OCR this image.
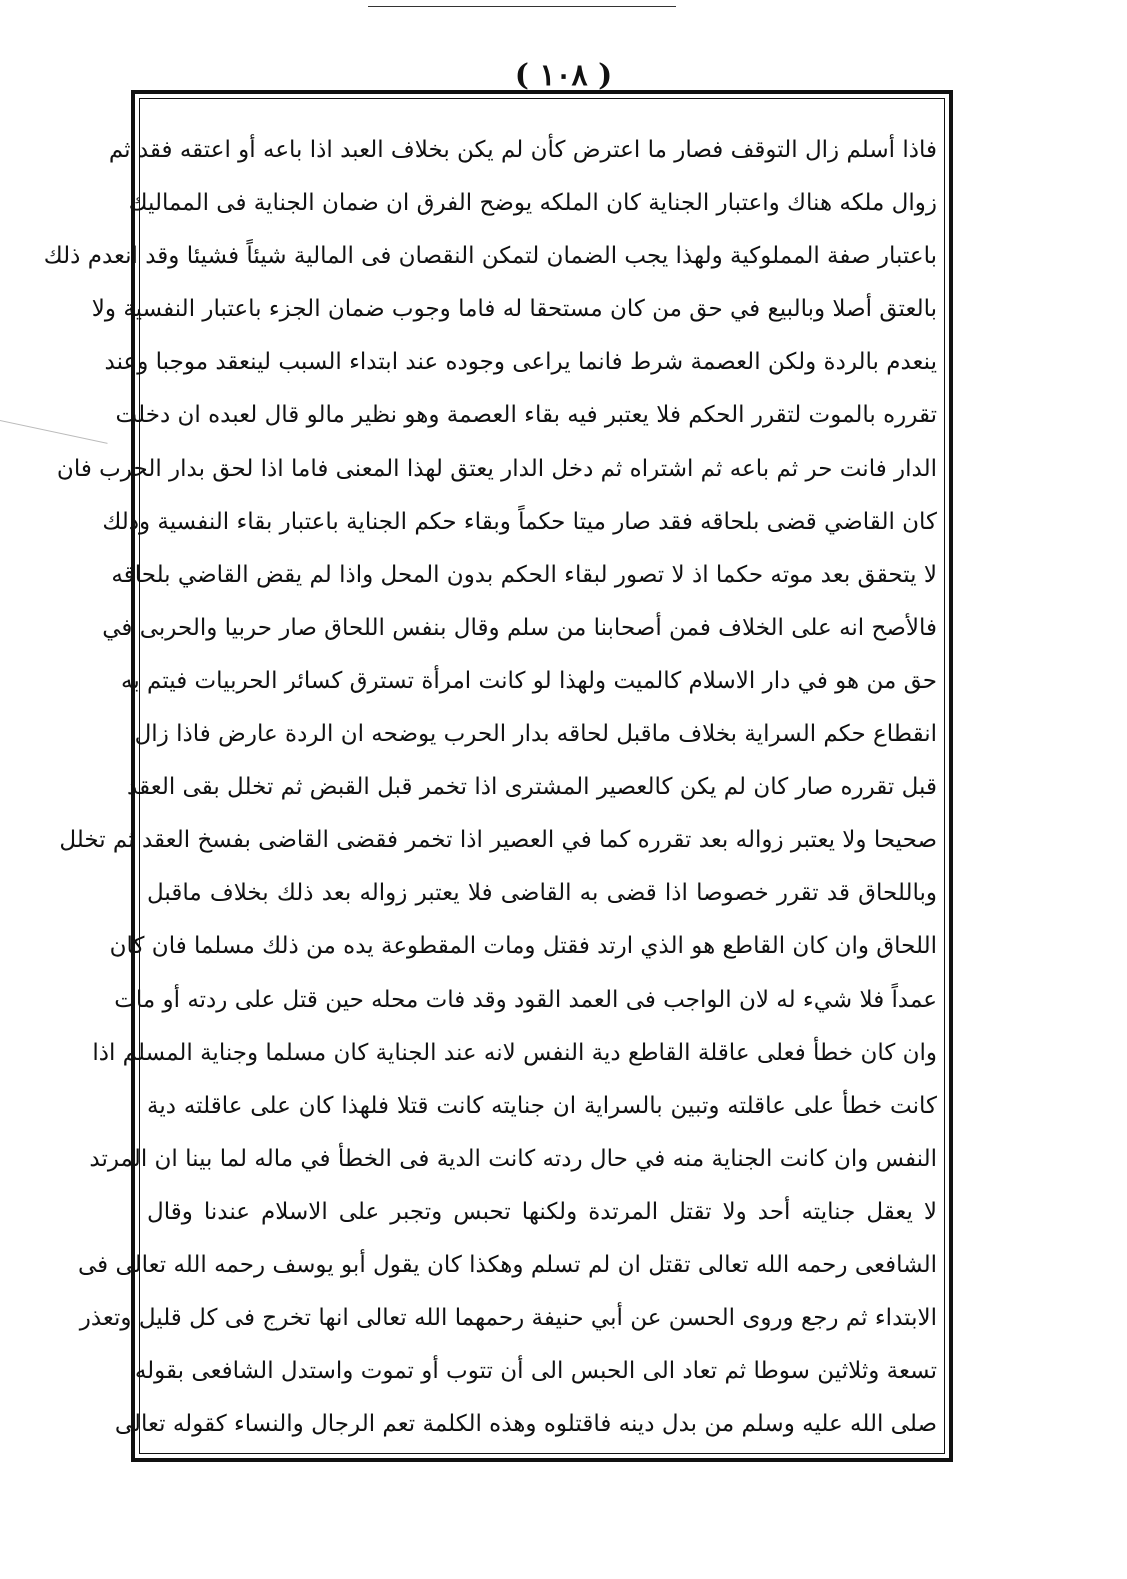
( ١٠٨ )
فاذا أسلم زال التوقف فصار ما اعترض كأن لم يكن بخلاف العبد اذا باعه أو اعتقه فقد ثم
زوال ملكه هناك واعتبار الجناية كان الملكه يوضح الفرق ان ضمان الجناية فى المماليك
باعتبار صفة المملوكية ولهذا يجب الضمان لتمكن النقصان فى المالية شيئاً فشيئا وقد انعدم ذلك
بالعتق أصلا وبالبيع في حق من كان مستحقا له فاما وجوب ضمان الجزء باعتبار النفسية ولا
ينعدم بالردة ولكن العصمة شرط فانما يراعى وجوده عند ابتداء السبب لينعقد موجبا وعند
تقرره بالموت لتقرر الحكم فلا يعتبر فيه بقاء العصمة وهو نظير مالو قال لعبده ان دخلت
الدار فانت حر ثم باعه ثم اشتراه ثم دخل الدار يعتق لهذا المعنى فاما اذا لحق بدار الحرب فان
كان القاضي قضى بلحاقه فقد صار ميتا حكماً وبقاء حكم الجناية باعتبار بقاء النفسية وذلك
لا يتحقق بعد موته حكما اذ لا تصور لبقاء الحكم بدون المحل واذا لم يقض القاضي بلحاقه
فالأصح انه على الخلاف فمن أصحابنا من سلم وقال بنفس اللحاق صار حربيا والحربى في
حق من هو في دار الاسلام كالميت ولهذا لو كانت امرأة تسترق كسائر الحربيات فيتم به
انقطاع حكم السراية بخلاف ماقبل لحاقه بدار الحرب يوضحه ان الردة عارض فاذا زال
قبل تقرره صار كان لم يكن كالعصير المشترى اذا تخمر قبل القبض ثم تخلل بقى العقد
صحيحا ولا يعتبر زواله بعد تقرره كما في العصير اذا تخمر فقضى القاضى بفسخ العقد ثم تخلل
وباللحاق قد تقرر خصوصا اذا قضى به القاضى فلا يعتبر زواله بعد ذلك بخلاف ماقبل
اللحاق وان كان القاطع هو الذي ارتد فقتل ومات المقطوعة يده من ذلك مسلما فان كان
عمداً فلا شيء له لان الواجب فى العمد القود وقد فات محله حين قتل على ردته أو مات
وان كان خطأ فعلى عاقلة القاطع دية النفس لانه عند الجناية كان مسلما وجناية المسلم اذا
كانت خطأ على عاقلته وتبين بالسراية ان جنايته كانت قتلا فلهذا كان على عاقلته دية
النفس وان كانت الجناية منه في حال ردته كانت الدية فى الخطأ في ماله لما بينا ان المرتد
لا يعقل جنايته أحد ولا تقتل المرتدة ولكنها تحبس وتجبر على الاسلام عندنا وقال
الشافعى رحمه الله تعالى تقتل ان لم تسلم وهكذا كان يقول أبو يوسف رحمه الله تعالى فى
الابتداء ثم رجع وروى الحسن عن أبي حنيفة رحمهما الله تعالى انها تخرج فى كل قليل وتعذر
تسعة وثلاثين سوطا ثم تعاد الى الحبس الى أن تتوب أو تموت واستدل الشافعى بقوله
صلى الله عليه وسلم من بدل دينه فاقتلوه وهذه الكلمة تعم الرجال والنساء كقوله تعالى
